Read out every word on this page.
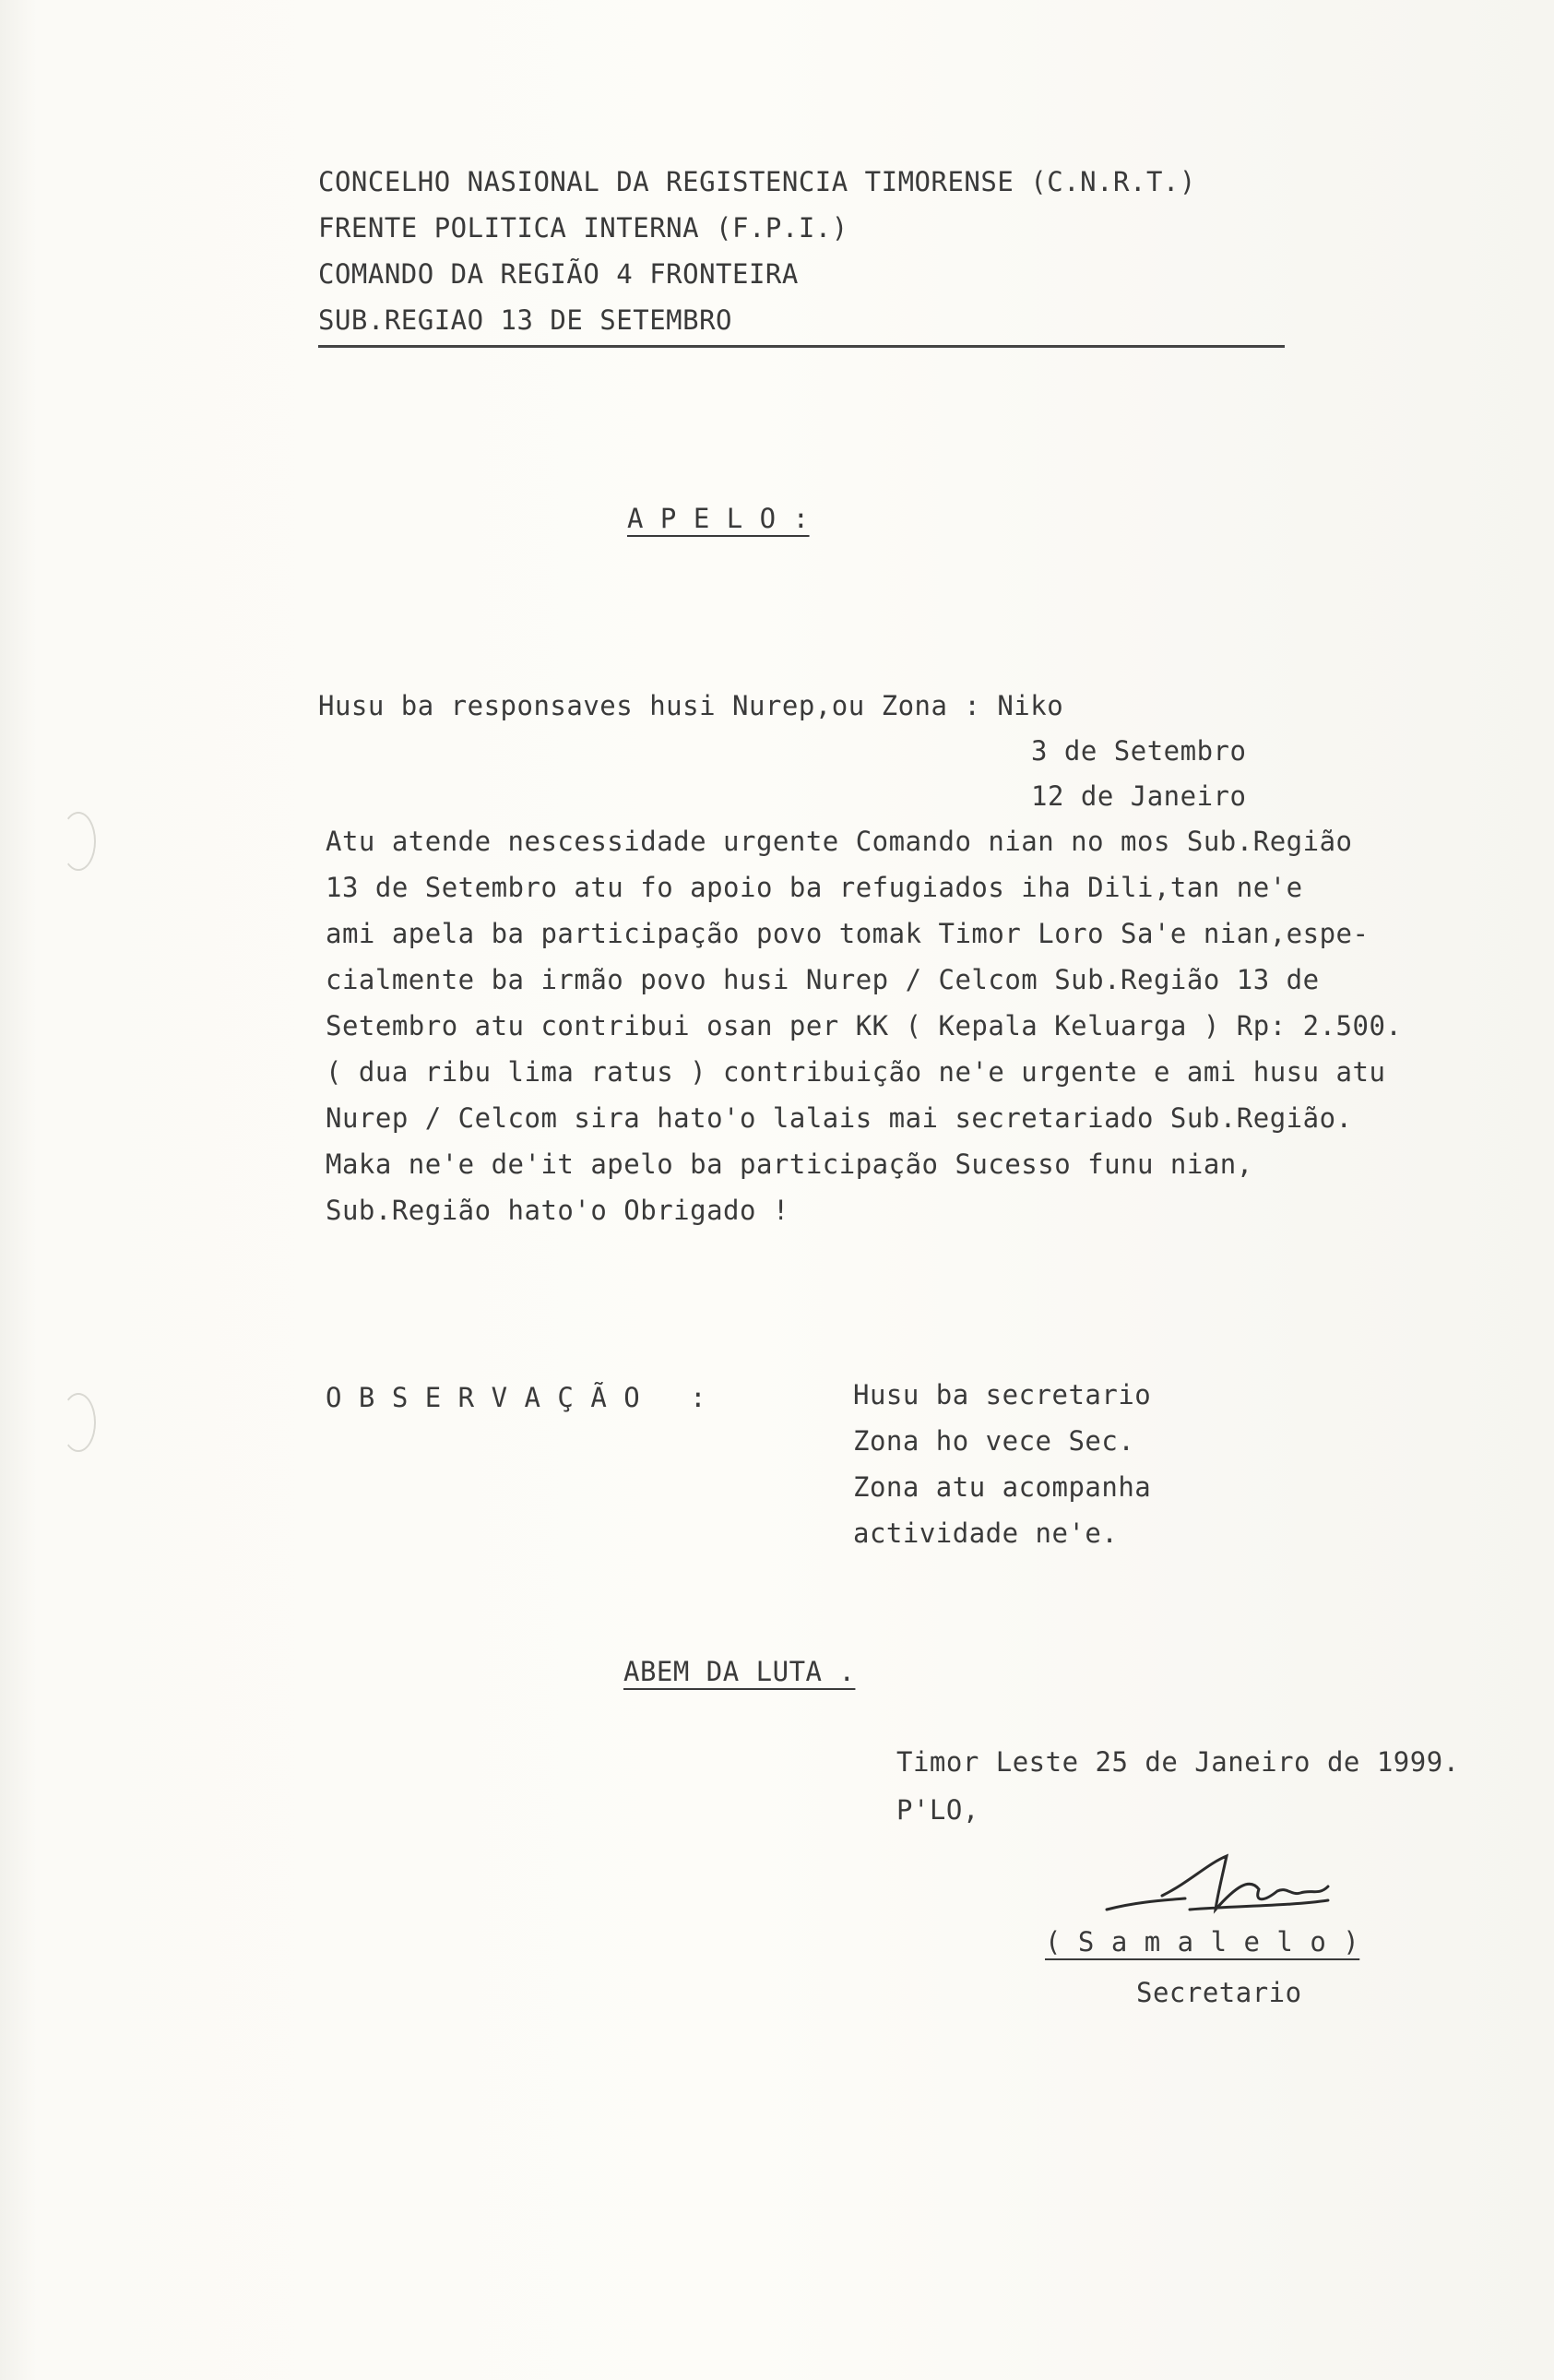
CONCELHO NASIONAL DA REGISTENCIA TIMORENSE (C.N.R.T.)
FRENTE POLITICA INTERNA (F.P.I.)
COMANDO DA REGIÃO 4 FRONTEIRA
SUB.REGIAO 13 DE SETEMBRO
A P E L O :
Husu ba responsaves husi Nurep,ou Zona : Niko
3 de Setembro
12 de Janeiro
Atu atende nescessidade urgente Comando nian no mos Sub.Região
13 de Setembro atu fo apoio ba refugiados iha Dili,tan ne'e
ami apela ba participação povo tomak Timor Loro Sa'e nian,espe-
cialmente ba irmão povo husi Nurep / Celcom Sub.Região 13 de
Setembro atu contribui osan per KK ( Kepala Keluarga ) Rp: 2.500.
( dua ribu lima ratus ) contribuição ne'e urgente e ami husu atu
Nurep / Celcom sira hato'o lalais mai secretariado Sub.Região.
Maka ne'e de'it apelo ba participação Sucesso funu nian,
Sub.Região hato'o Obrigado !
O B S E R V A Ç Ã O   :	Husu ba secretario
Zona ho vece Sec.
Zona atu acompanha
actividade ne'e.
ABEM DA LUTA .
Timor Leste 25 de Janeiro de 1999.
P'LO,
( S a m a l e l o )
Secretario
